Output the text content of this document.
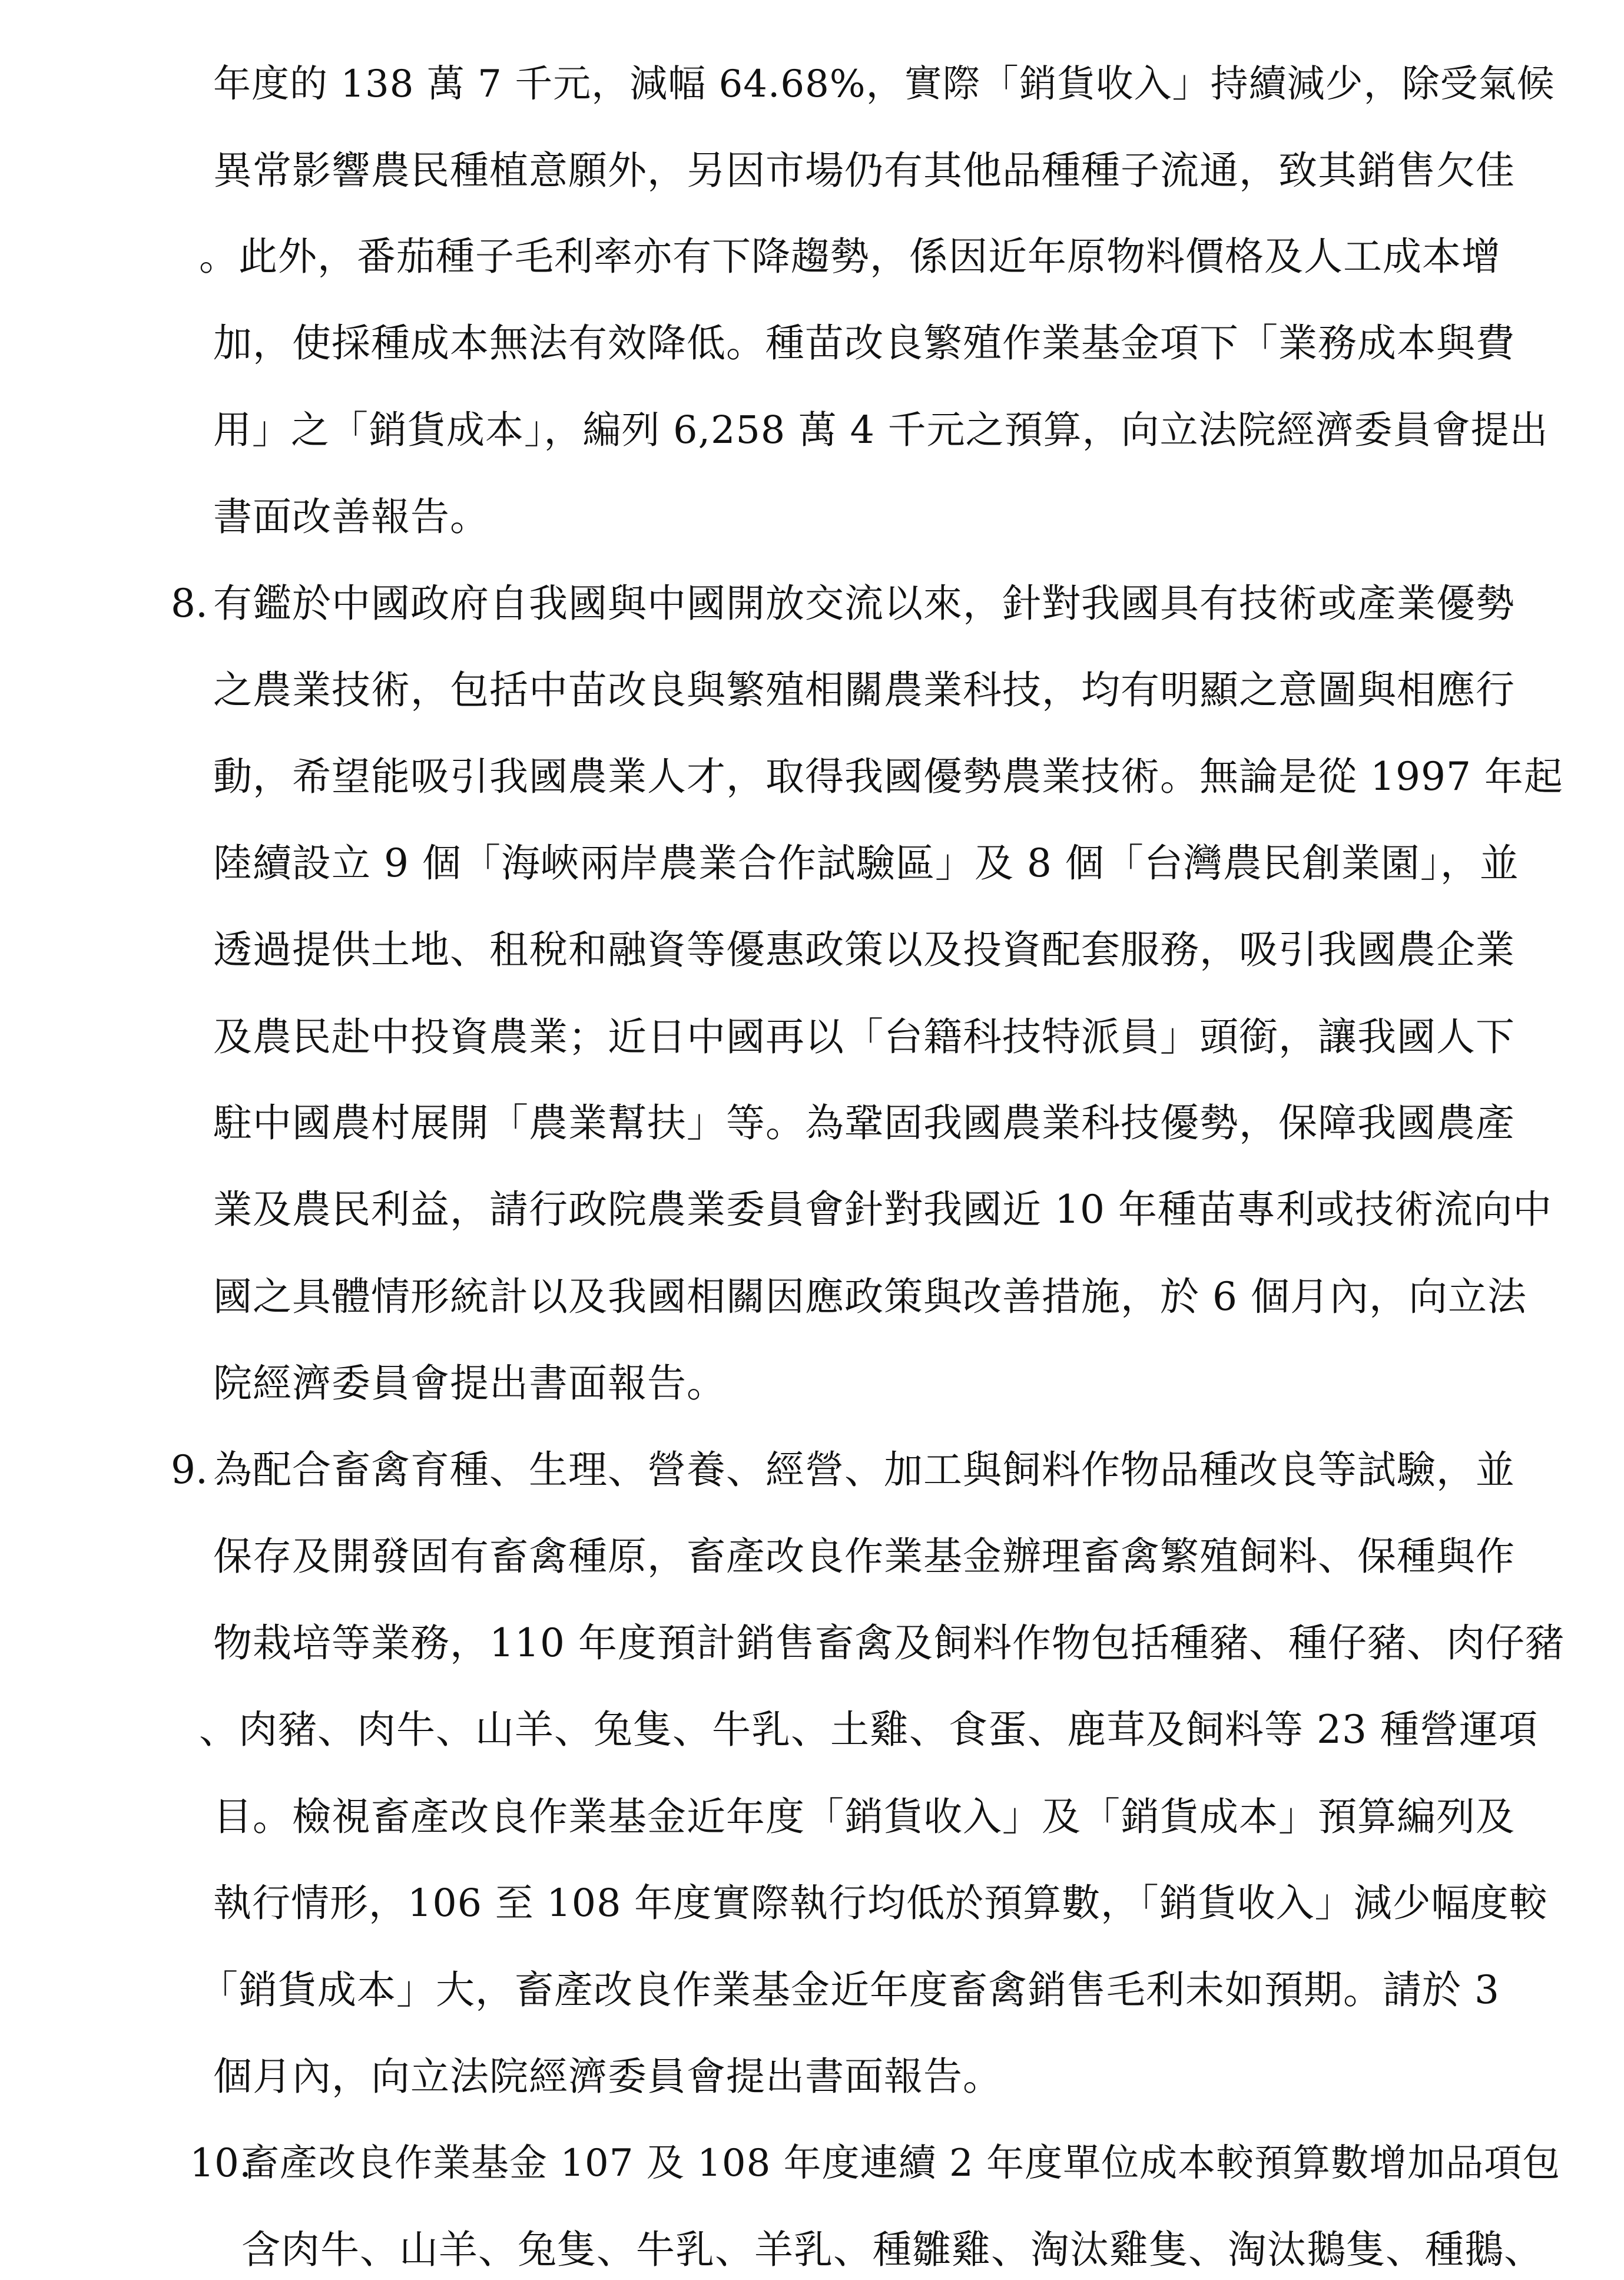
年度的 138 萬 7 千元，減幅 64.68%，實際「銷貨收入」持續減少，除受氣候
異常影響農民種植意願外，另因市場仍有其他品種種子流通，致其銷售欠佳
。此外，番茄種子毛利率亦有下降趨勢，係因近年原物料價格及人工成本增
加，使採種成本無法有效降低。種苗改良繁殖作業基金項下「業務成本與費
用」之「銷貨成本」，編列 6,258 萬 4 千元之預算，向立法院經濟委員會提出
書面改善報告。
8. 有鑑於中國政府自我國與中國開放交流以來，針對我國具有技術或產業優勢
之農業技術，包括中苗改良與繁殖相關農業科技，均有明顯之意圖與相應行
動，希望能吸引我國農業人才，取得我國優勢農業技術。無論是從 1997 年起
陸續設立 9 個「海峽兩岸農業合作試驗區」及 8 個「台灣農民創業園」，並
透過提供土地、租稅和融資等優惠政策以及投資配套服務，吸引我國農企業
及農民赴中投資農業；近日中國再以「台籍科技特派員」頭銜，讓我國人下
駐中國農村展開「農業幫扶」等。為鞏固我國農業科技優勢，保障我國農產
業及農民利益，請行政院農業委員會針對我國近 10 年種苗專利或技術流向中
國之具體情形統計以及我國相關因應政策與改善措施，於 6 個月內，向立法
院經濟委員會提出書面報告。
9. 為配合畜禽育種、生理、營養、經營、加工與飼料作物品種改良等試驗，並
保存及開發固有畜禽種原，畜產改良作業基金辦理畜禽繁殖飼料、保種與作
物栽培等業務，110 年度預計銷售畜禽及飼料作物包括種豬、種仔豬、肉仔豬
、肉豬、肉牛、山羊、兔隻、牛乳、土雞、食蛋、鹿茸及飼料等 23 種營運項
目。檢視畜產改良作業基金近年度「銷貨收入」及「銷貨成本」預算編列及
執行情形，106 至 108 年度實際執行均低於預算數，「銷貨收入」減少幅度較
「銷貨成本」大，畜產改良作業基金近年度畜禽銷售毛利未如預期。請於 3
個月內，向立法院經濟委員會提出書面報告。
10.
畜產改良作業基金 107 及 108 年度連續 2 年度單位成本較預算數增加品項包
含肉牛、山羊、兔隻、牛乳、羊乳、種雛雞、淘汰雞隻、淘汰鵝隻、種鵝、
